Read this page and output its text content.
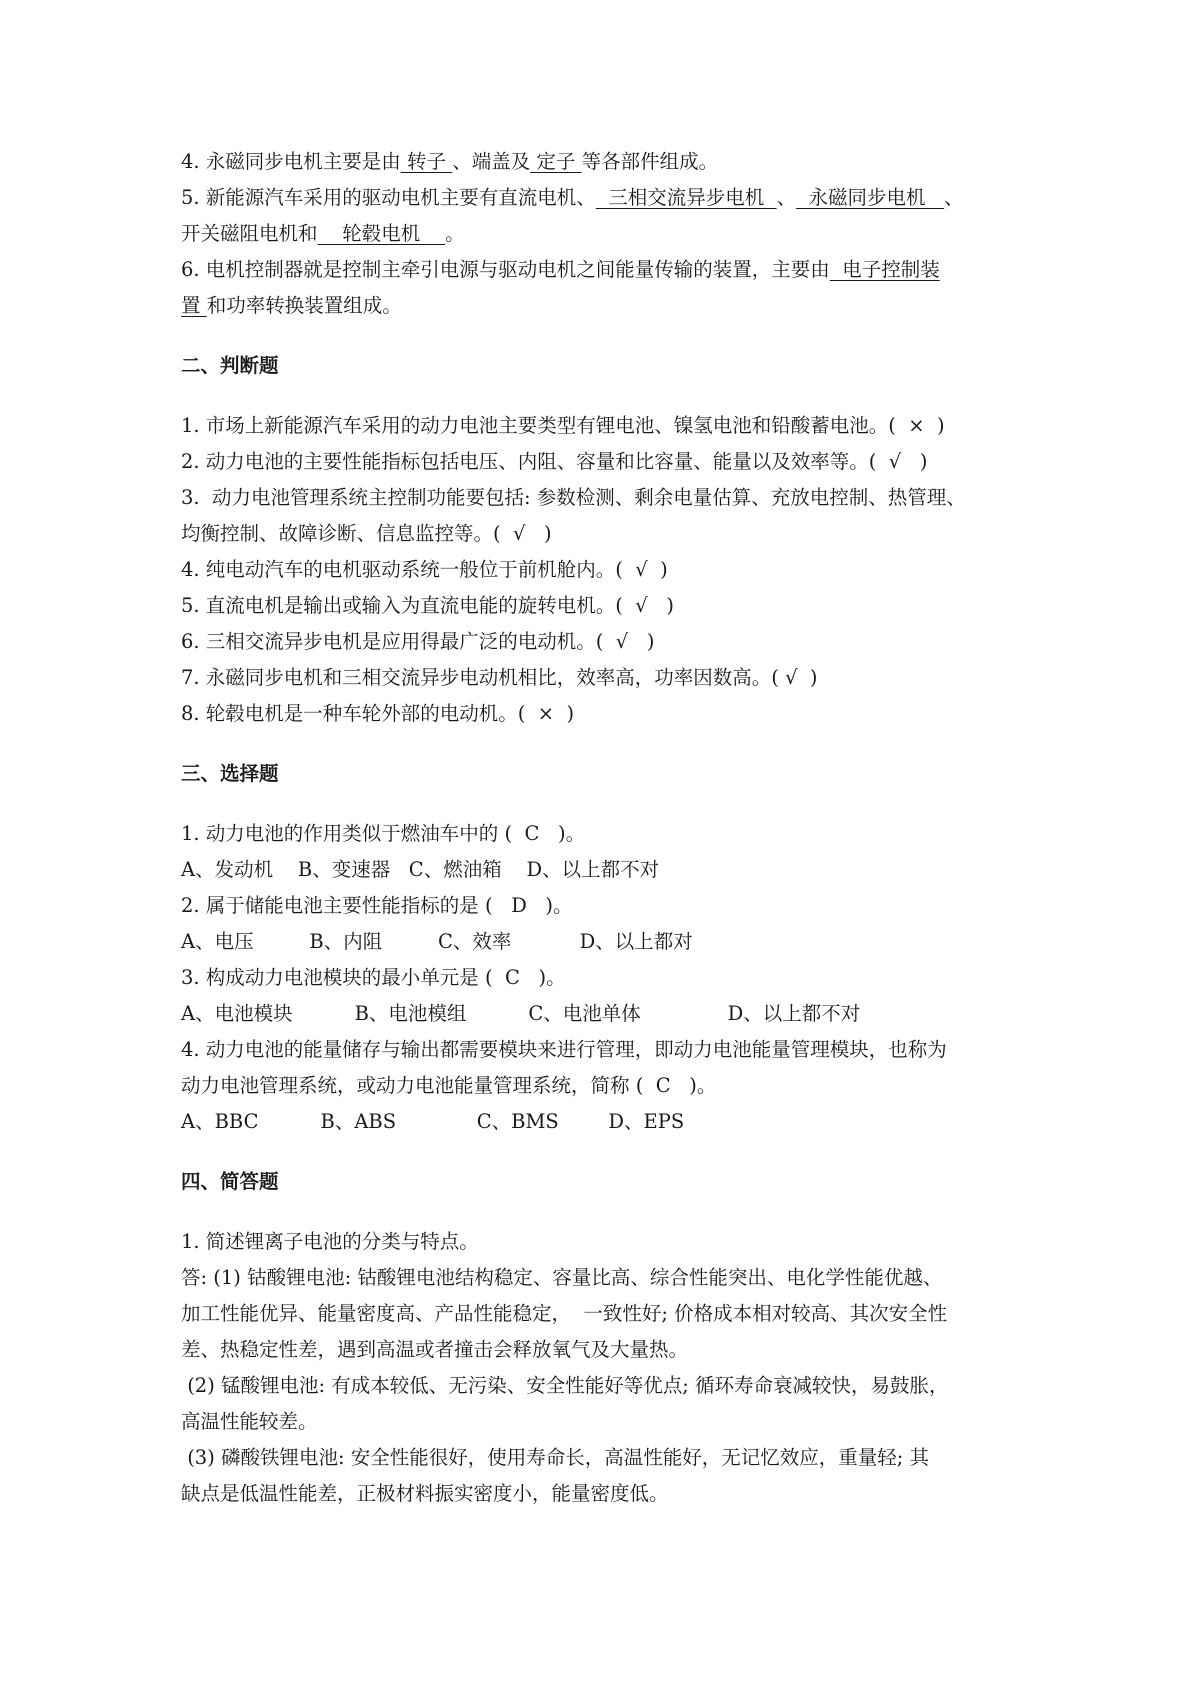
4. 永磁同步电机主要是由 转子 、端盖及 定子 等各部件组成。
5. 新能源汽车采用的驱动电机主要有直流电机、  三相交流异步电机  、  永磁同步电机   、
开关磁阻电机和    轮毂电机    。
6. 电机控制器就是控制主牵引电源与驱动电机之间能量传输的装置，主要由  电子控制装
置 和功率转换装置组成。
二、判断题
1. 市场上新能源汽车采用的动力电池主要类型有锂电池、镍氢电池和铅酸蓄电池。(  ×  )
2. 动力电池的主要性能指标包括电压、内阻、容量和比容量、能量以及效率等。(  √   )
3.  动力电池管理系统主控制功能要包括: 参数检测、剩余电量估算、充放电控制、热管理、
均衡控制、故障诊断、信息监控等。(  √   )
4. 纯电动汽车的电机驱动系统一般位于前机舱内。(  √  )
5. 直流电机是输出或输入为直流电能的旋转电机。(  √   )
6. 三相交流异步电机是应用得最广泛的电动机。(  √   )
7. 永磁同步电机和三相交流异步电动机相比，效率高，功率因数高。( √  )
8. 轮毂电机是一种车轮外部的电动机。(  ×  )
三、选择题
1. 动力电池的作用类似于燃油车中的 (  C   )。
A、发动机    B、变速器   C、燃油箱    D、以上都不对
2. 属于储能电池主要性能指标的是 (   D   )。
A、电压         B、内阻         C、效率           D、以上都对
3. 构成动力电池模块的最小单元是 (  C   )。
A、电池模块          B、电池模组          C、电池单体              D、以上都不对
4. 动力电池的能量储存与输出都需要模块来进行管理，即动力电池能量管理模块，也称为
动力电池管理系统，或动力电池能量管理系统，简称 (  C   )。
A、BBC          B、ABS             C、BMS        D、EPS
四、简答题
1. 简述锂离子电池的分类与特点。
答: (1) 钴酸锂电池: 钴酸锂电池结构稳定、容量比高、综合性能突出、电化学性能优越、
加工性能优异、能量密度高、产品性能稳定，  一致性好; 价格成本相对较高、其次安全性
差、热稳定性差，遇到高温或者撞击会释放氧气及大量热。
(2) 锰酸锂电池: 有成本较低、无污染、安全性能好等优点; 循环寿命衰减较快，易鼓胀，
高温性能较差。
(3) 磷酸铁锂电池: 安全性能很好，使用寿命长，高温性能好，无记忆效应，重量轻; 其
缺点是低温性能差，正极材料振实密度小，能量密度低。
